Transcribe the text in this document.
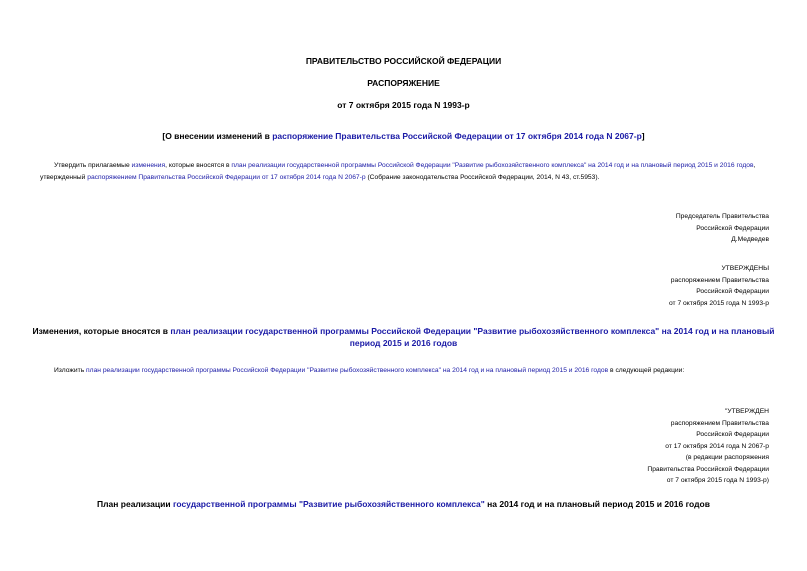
ПРАВИТЕЛЬСТВО РОССИЙСКОЙ ФЕДЕРАЦИИ
РАСПОРЯЖЕНИЕ
от 7 октября 2015 года N 1993-р
[О внесении изменений в распоряжение Правительства Российской Федерации от 17 октября 2014 года N 2067-р]
Утвердить прилагаемые изменения, которые вносятся в план реализации государственной программы Российской Федерации "Развитие рыбохозяйственного комплекса" на 2014 год и на плановый период 2015 и 2016 годов, утвержденный распоряжением Правительства Российской Федерации от 17 октября 2014 года N 2067-р (Собрание законодательства Российской Федерации, 2014, N 43, ст.5953).
Председатель Правительства
Российской Федерации
Д.Медведев
УТВЕРЖДЕНЫ
распоряжением Правительства
Российской Федерации
от 7 октября 2015 года N 1993-р
Изменения, которые вносятся в план реализации государственной программы Российской Федерации "Развитие рыбохозяйственного комплекса" на 2014 год и на плановый период 2015 и 2016 годов
Изложить план реализации государственной программы Российской Федерации "Развитие рыбохозяйственного комплекса" на 2014 год и на плановый период 2015 и 2016 годов в следующей редакции:
"УТВЕРЖДЕН
распоряжением Правительства
Российской Федерации
от 17 октября 2014 года N 2067-р
(в редакции распоряжения
Правительства Российской Федерации
от 7 октября 2015 года N 1993-р)
План реализации государственной программы "Развитие рыбохозяйственного комплекса" на 2014 год и на плановый период 2015 и 2016 годов
